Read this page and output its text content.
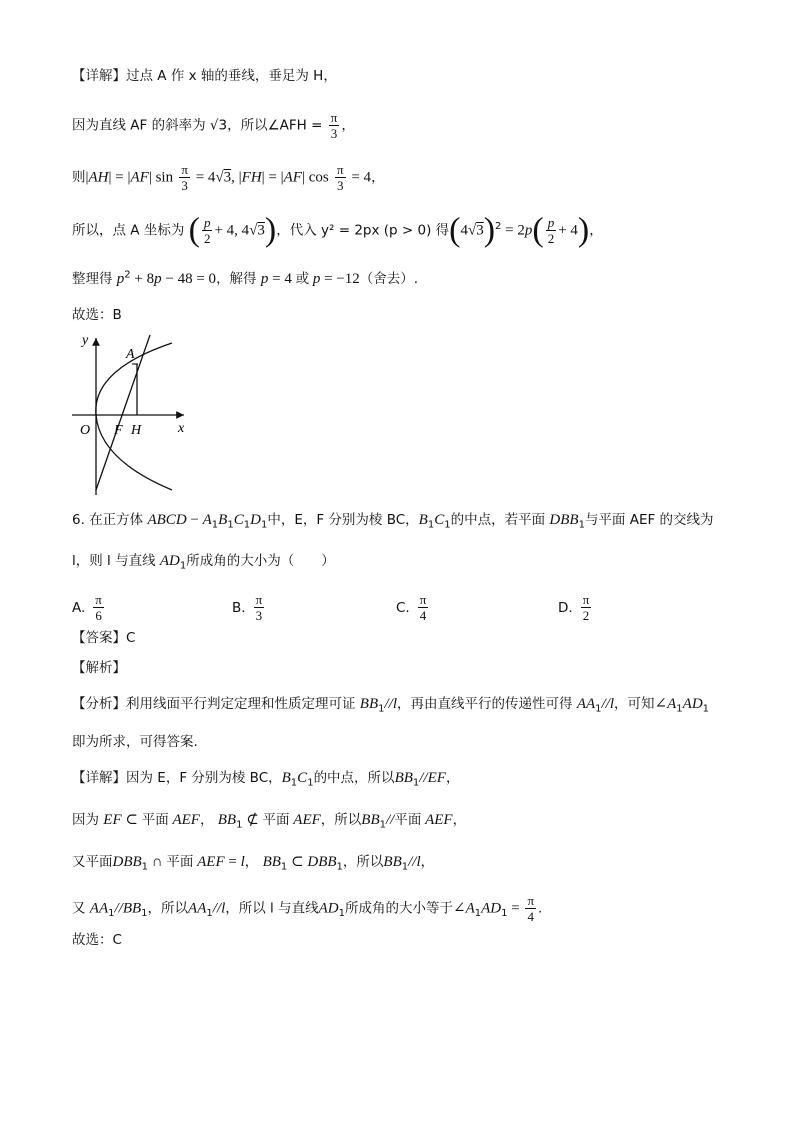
【详解】过点 A 作 x 轴的垂线，垂足为 H，
因为直线 AF 的斜率为 √3，所以∠AFH = $\frac{\pi}{3}$ ，
则|AH| = |AF| $\sin \frac{\pi}{3} = 4√3$, |FH| = |AF| $\cos \frac{\pi}{3} = 4$，
所以，点 A 坐标为 ( $\frac{p}{2} + 4$, 4√3)，代入 y² = 2px (p > 0) 得$(4√3)^2 = 2p( \frac{p}{2} + 4)$，
整理得 $p^2 + 8p - 48 = 0$，解得 p = 4 或 p = −12（舍去）.
故选：B
y
x
O F H
A
6. 在正方体 ABCD − $A_1B_1C_1D_1$中，E，F 分别为棱 BC，$B_1C_1$的中点，若平面 $DBB_1$与平面 AEF 的交线为
l，则 l 与直线 $AD_1$所成角的大小为（　　）
A. $\frac{\pi}{6}$	B. $\frac{\pi}{3}$	C. $\frac{\pi}{4}$	D. $\frac{\pi}{2}$
【答案】C
【解析】
【分析】利用线面平行判定定理和性质定理可证 $BB_1//l$，再由直线平行的传递性可得 $AA_1//l$，可知$\angle A_1AD_1$
即为所求，可得答案.
【详解】因为 E，F 分别为棱 BC，$B_1C_1$的中点，所以$BB_1//EF$，
因为 EF ⊂ 平面 AEF， $BB_1$ ⊄ 平面 AEF，所以$BB_1//$平面 AEF，
又平面$DBB_1$ ∩ 平面 AEF = l， $BB_1$ ⊂ $DBB_1$，所以$BB_1//l$，
又 $AA_1//BB_1$，所以$AA_1//l$，所以 l 与直线$AD_1$所成角的大小等于$\angle A_1AD_1 = \frac{\pi}{4}$ .
故选：C
